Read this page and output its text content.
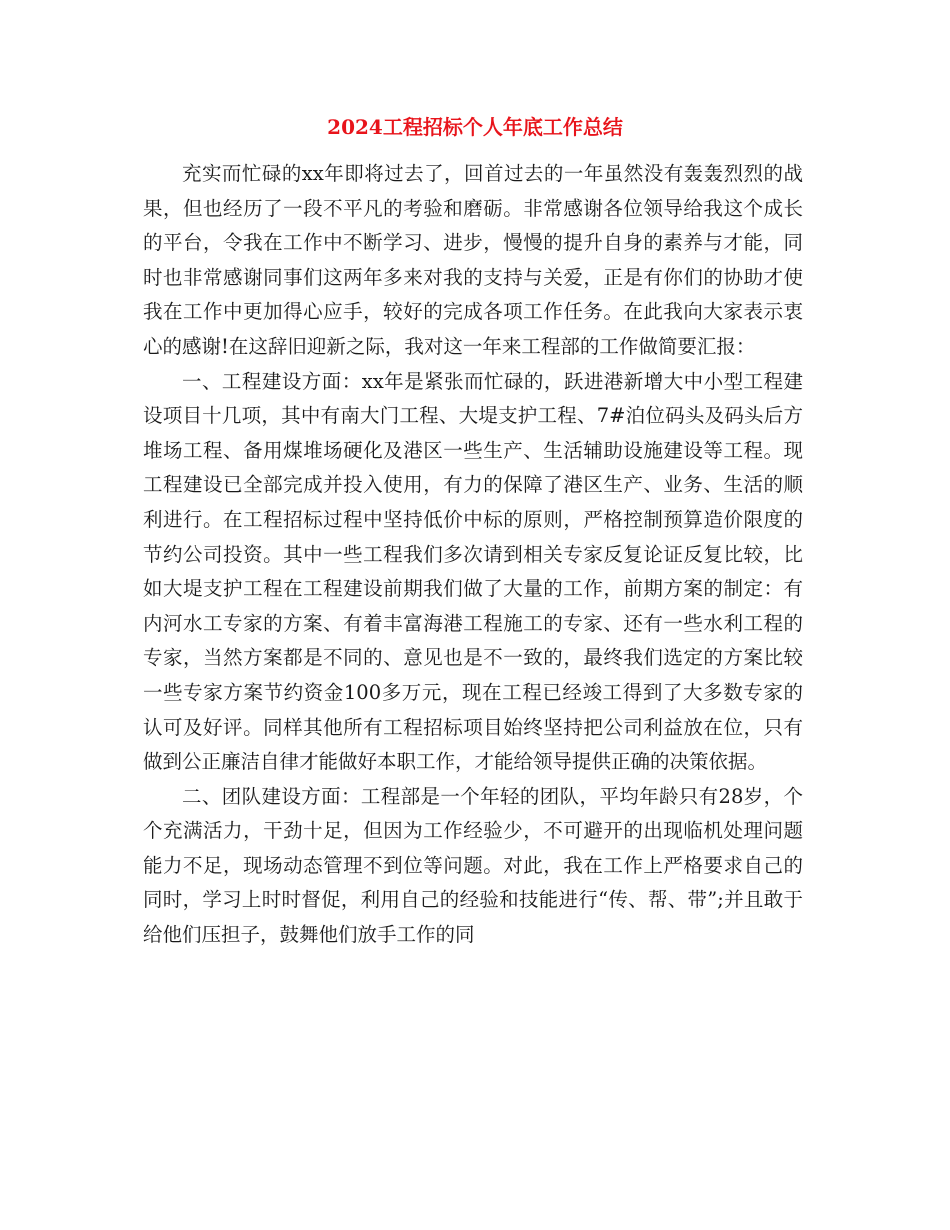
2024工程招标个人年底工作总结

充实而忙碌的xx年即将过去了，回首过去的一年虽然没有轰轰烈烈的战果，但也经历了一段不平凡的考验和磨砺。非常感谢各位领导给我这个成长的平台，令我在工作中不断学习、进步，慢慢的提升自身的素养与才能，同时也非常感谢同事们这两年多来对我的支持与关爱，正是有你们的协助才使我在工作中更加得心应手，较好的完成各项工作任务。在此我向大家表示衷心的感谢!在这辞旧迎新之际，我对这一年来工程部的工作做简要汇报：

一、工程建设方面：xx年是紧张而忙碌的，跃进港新增大中小型工程建设项目十几项，其中有南大门工程、大堤支护工程、7#泊位码头及码头后方堆场工程、备用煤堆场硬化及港区一些生产、生活辅助设施建设等工程。现工程建设已全部完成并投入使用，有力的保障了港区生产、业务、生活的顺利进行。在工程招标过程中坚持低价中标的原则，严格控制预算造价限度的节约公司投资。其中一些工程我们多次请到相关专家反复论证反复比较，比如大堤支护工程在工程建设前期我们做了大量的工作，前期方案的制定：有内河水工专家的方案、有着丰富海港工程施工的专家、还有一些水利工程的专家，当然方案都是不同的、意见也是不一致的，最终我们选定的方案比较一些专家方案节约资金100多万元，现在工程已经竣工得到了大多数专家的认可及好评。同样其他所有工程招标项目始终坚持把公司利益放在位，只有做到公正廉洁自律才能做好本职工作，才能给领导提供正确的决策依据。

二、团队建设方面：工程部是一个年轻的团队，平均年龄只有28岁，个个充满活力，干劲十足，但因为工作经验少，不可避开的出现临机处理问题能力不足，现场动态管理不到位等问题。对此，我在工作上严格要求自己的同时，学习上时时督促，利用自己的经验和技能进行“传、帮、带”;并且敢于给他们压担子，鼓舞他们放手工作的同
